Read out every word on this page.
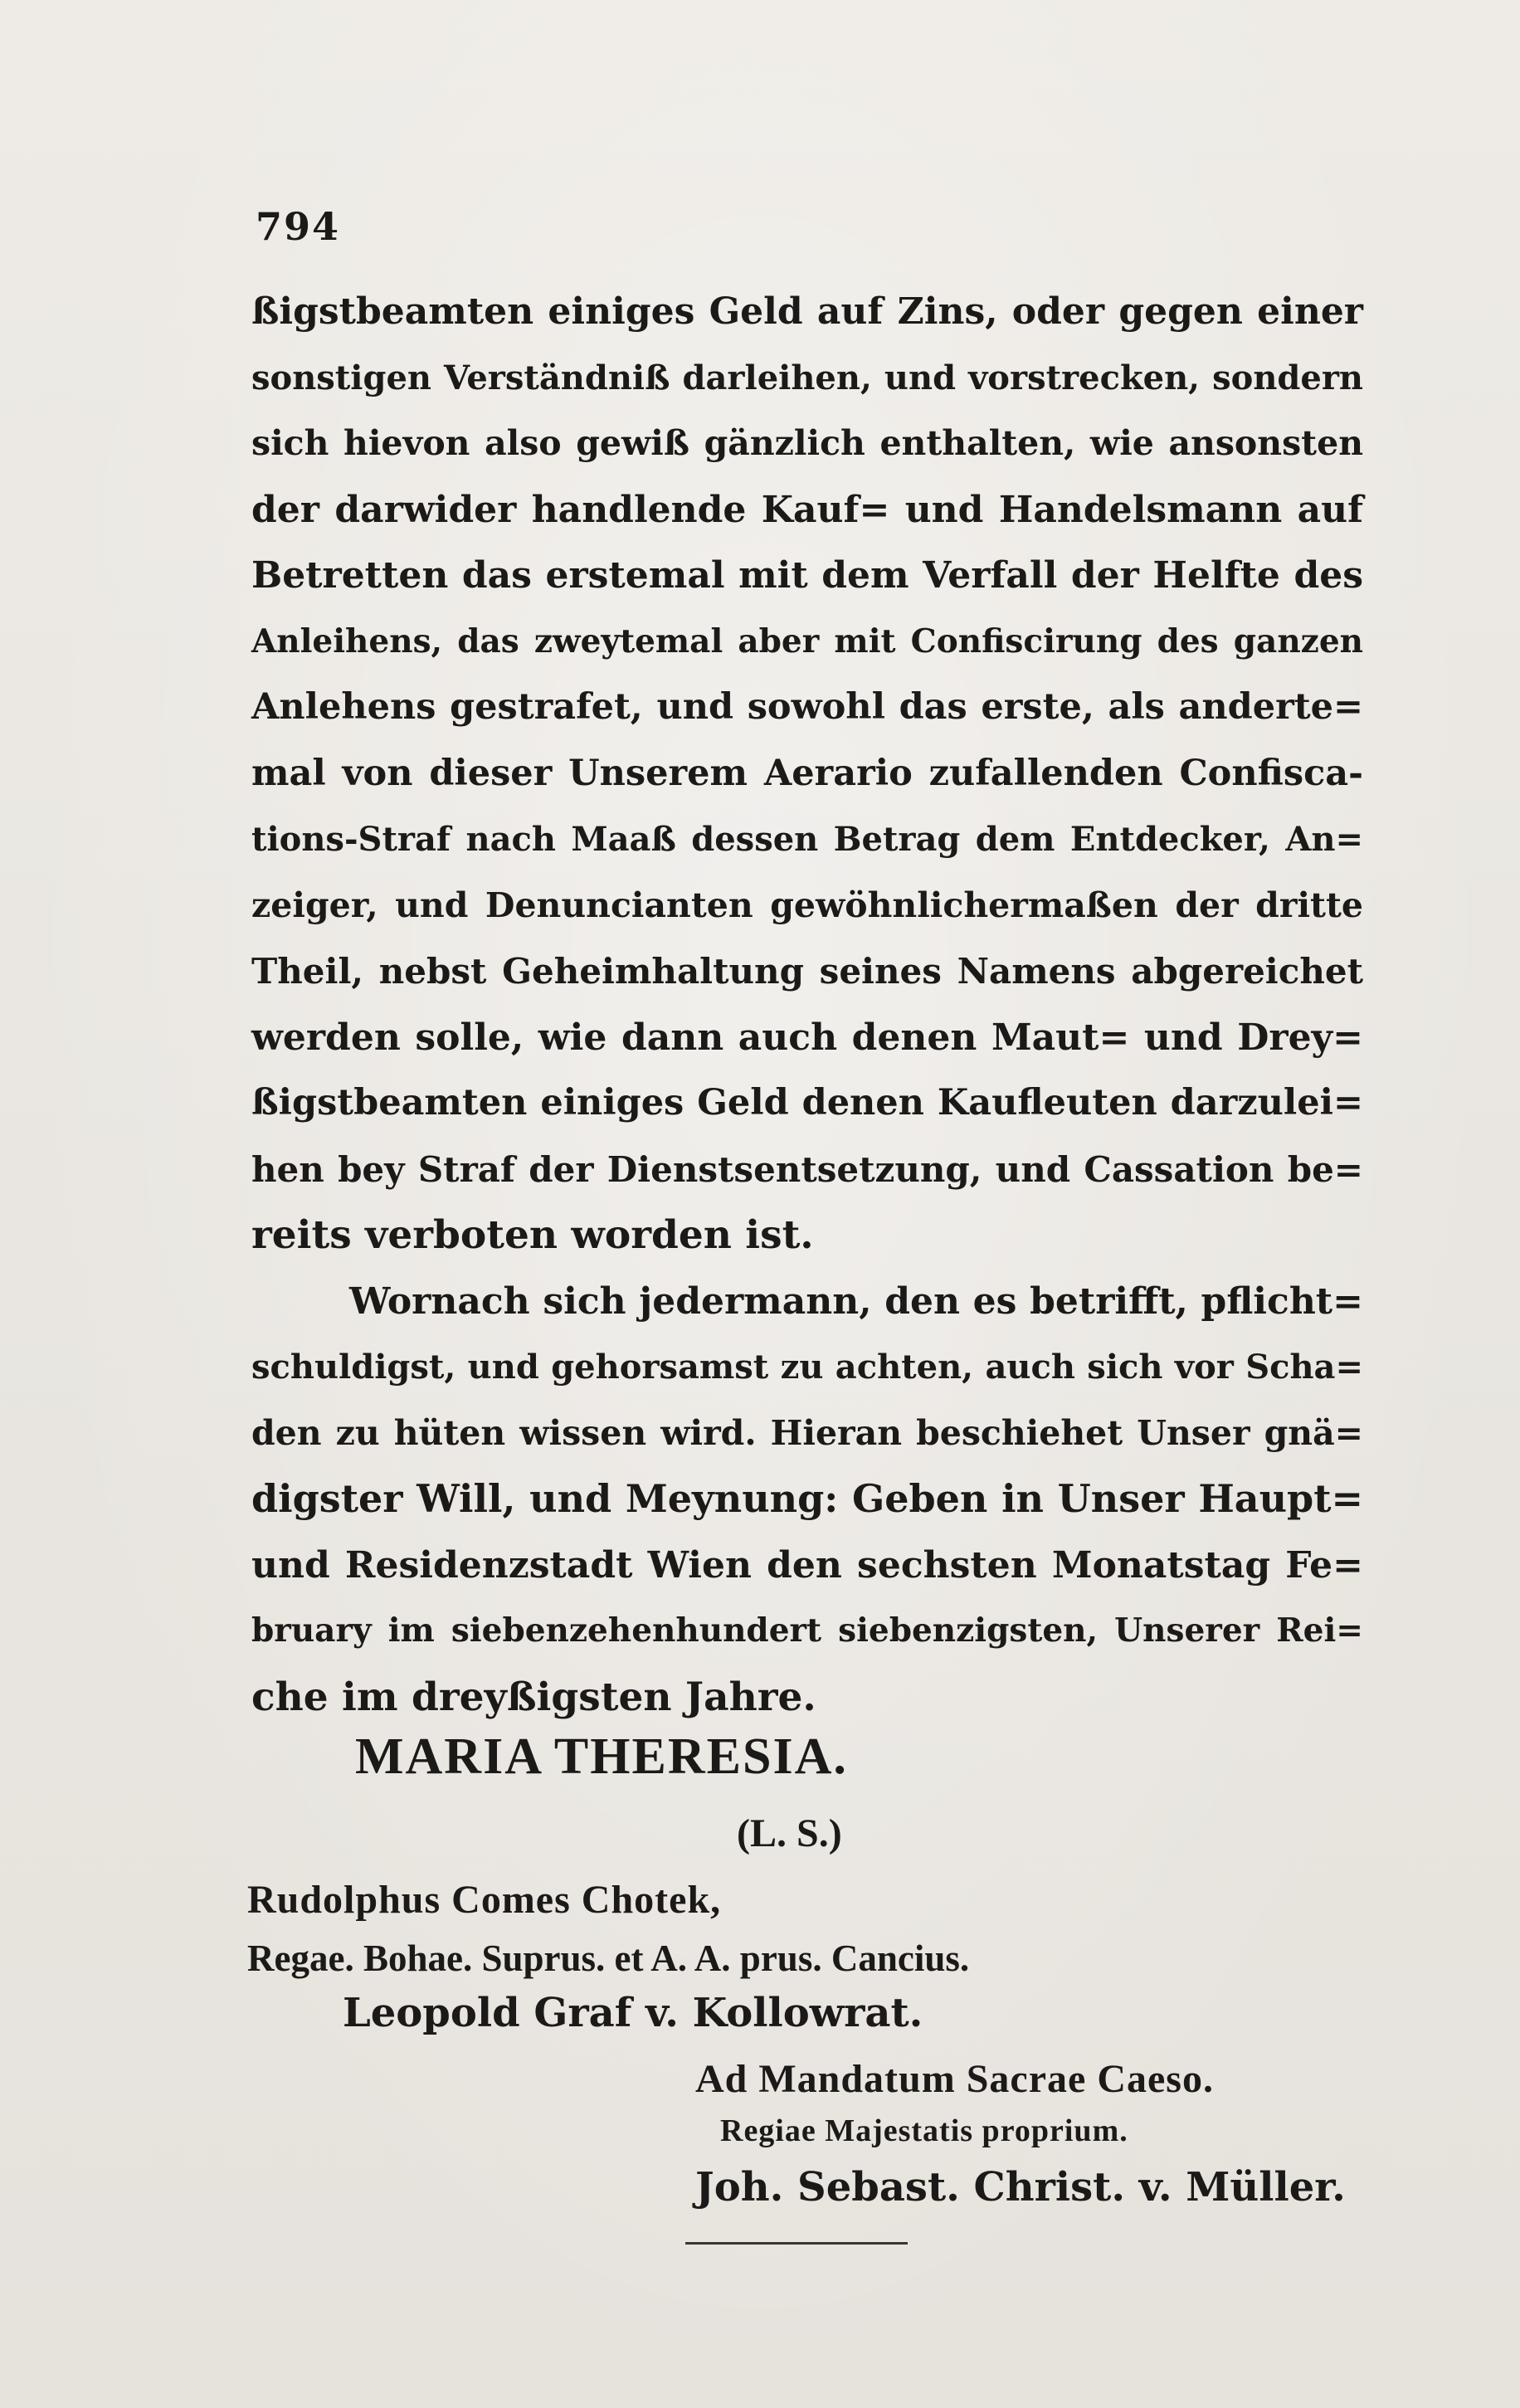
794

ßigstbeamten einiges Geld auf Zins, oder gegen einer
sonstigen Verständniß darleihen, und vorstrecken, sondern
sich hievon also gewiß gänzlich enthalten, wie ansonsten
der darwider handlende Kauf= und Handelsmann auf
Betretten das erstemal mit dem Verfall der Helfte des
Anleihens, das zweytemal aber mit Confiscirung des ganzen
Anlehens gestrafet, und sowohl das erste, als anderte=
mal von dieser Unserem Aerario zufallenden Confisca-
tions-Straf nach Maaß dessen Betrag dem Entdecker, An=
zeiger, und Denuncianten gewöhnlichermaßen der dritte
Theil, nebst Geheimhaltung seines Namens abgereichet
werden solle, wie dann auch denen Maut= und Drey=
ßigstbeamten einiges Geld denen Kaufleuten darzulei=
hen bey Straf der Dienstsentsetzung, und Cassation be=
reits verboten worden ist.
Wornach sich jedermann, den es betrifft, pflicht=
schuldigst, und gehorsamst zu achten, auch sich vor Scha=
den zu hüten wissen wird. Hieran beschiehet Unser gnä=
digster Will, und Meynung: Geben in Unser Haupt=
und Residenzstadt Wien den sechsten Monatstag Fe=
bruary im siebenzehenhundert siebenzigsten, Unserer Rei=
che im dreyßigsten Jahre.

MARIA THERESIA.

(L. S.)

Rudolphus Comes Chotek,

Regae. Bohae. Suprus. et A. A. prus. Cancius.

Leopold Graf v. Kollowrat.

Ad Mandatum Sacrae Caeso.

Regiae Majestatis proprium.

Joh. Sebast. Christ. v. Müller.
